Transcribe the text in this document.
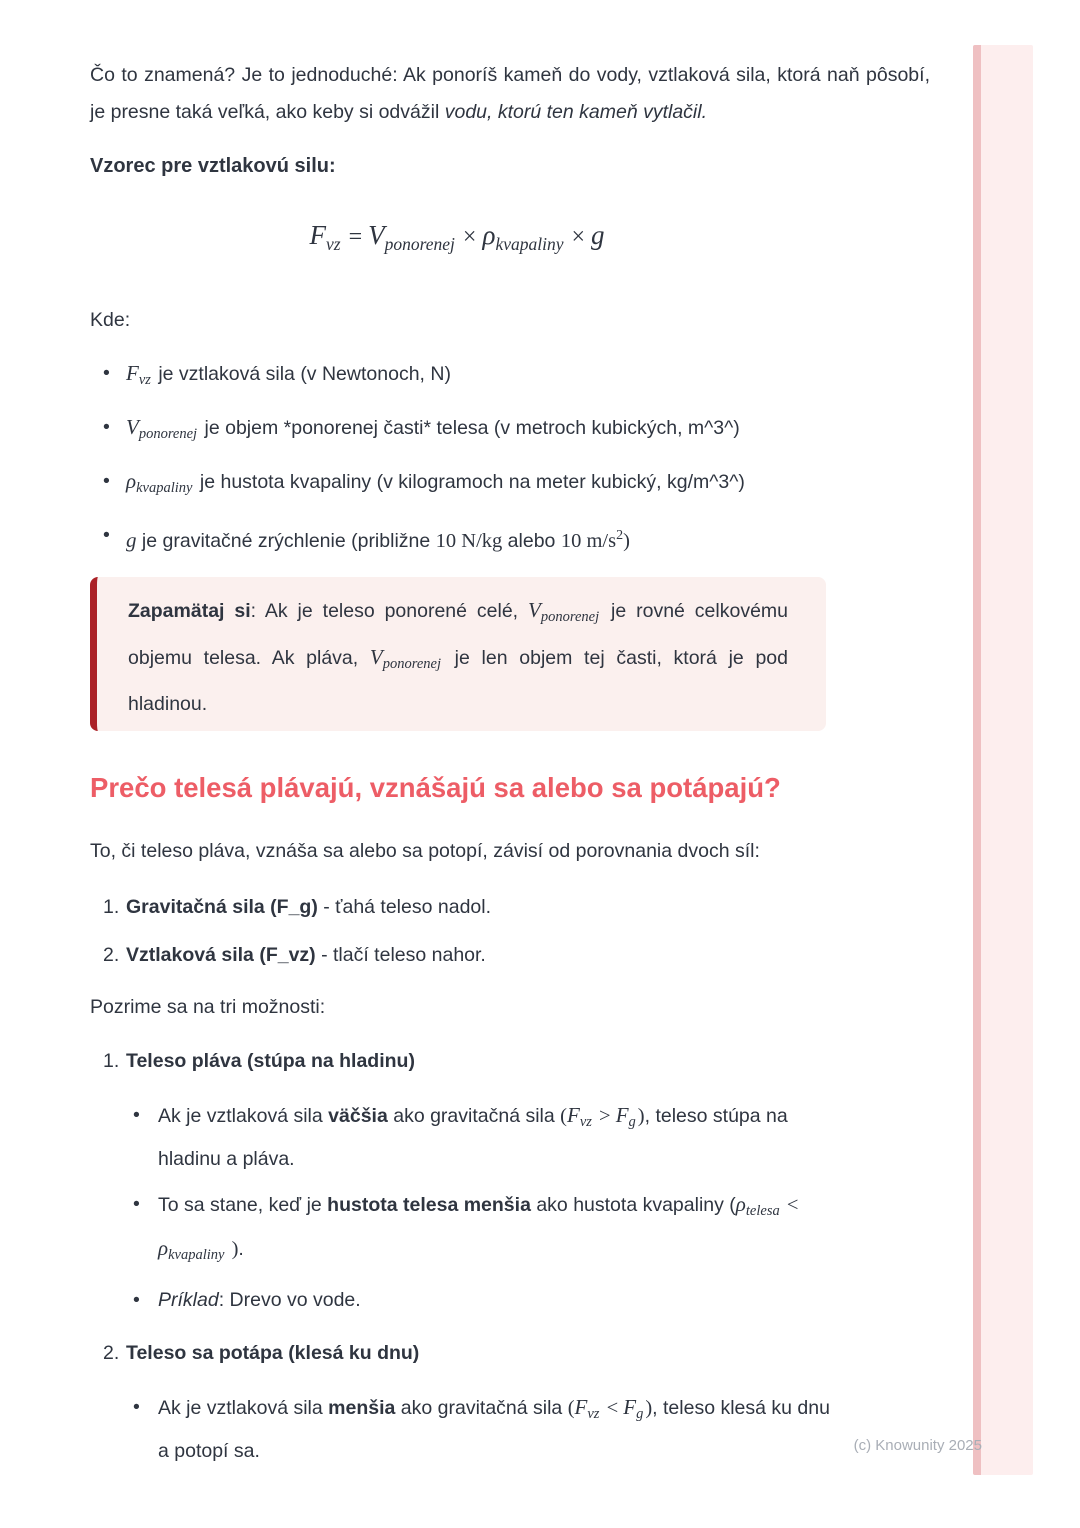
Čo to znamená? Je to jednoduché: Ak ponoríš kameň do vody, vztlaková sila, ktorá naň pôsobí, je presne taká veľká, ako keby si odvážil vodu, ktorú ten kameň vytlačil.
Vzorec pre vztlakovú silu:
Fvz = Vponorenej × ρkvapaliny × g
Kde:
• $F_{vz}$ je vztlaková sila (v Newtonoch, N)
• $V_{ponorenej}$ je objem *ponorenej časti* telesa (v metroch kubických, m^3^)
• $\rho_{kvapaliny}$ je hustota kvapaliny (v kilogramoch na meter kubický, kg/m^3^)
• g je gravitačné zrýchlenie (približne 10 N/kg alebo 10 $m/s^2$)
Zapamätaj si: Ak je teleso ponorené celé, $V_{ponorenej}$ je rovné celkovému objemu telesa. Ak pláva, $V_{ponorenej}$ je len objem tej časti, ktorá je pod hladinou.
Prečo telesá plávajú, vznášajú sa alebo sa potápajú?
To, či teleso pláva, vznáša sa alebo sa potopí, závisí od porovnania dvoch síl:
1. Gravitačná sila (F_g) - ťahá teleso nadol.
2. Vztlaková sila (F_vz) - tlačí teleso nahor.
Pozrime sa na tri možnosti:
1. Teleso pláva (stúpa na hladinu)
• Ak je vztlaková sila väčšia ako gravitačná sila $(F_{vz} > F_g)$, teleso stúpa na hladinu a pláva.
• To sa stane, keď je hustota telesa menšia ako hustota kvapaliny ($\rho_{telesa} < \rho_{kvapaliny}$ ).
• Príklad: Drevo vo vode.
2. Teleso sa potápa (klesá ku dnu)
• Ak je vztlaková sila menšia ako gravitačná sila $(F_{vz} < F_g)$, teleso klesá ku dnu a potopí sa.	(c) Knowunity 2025
